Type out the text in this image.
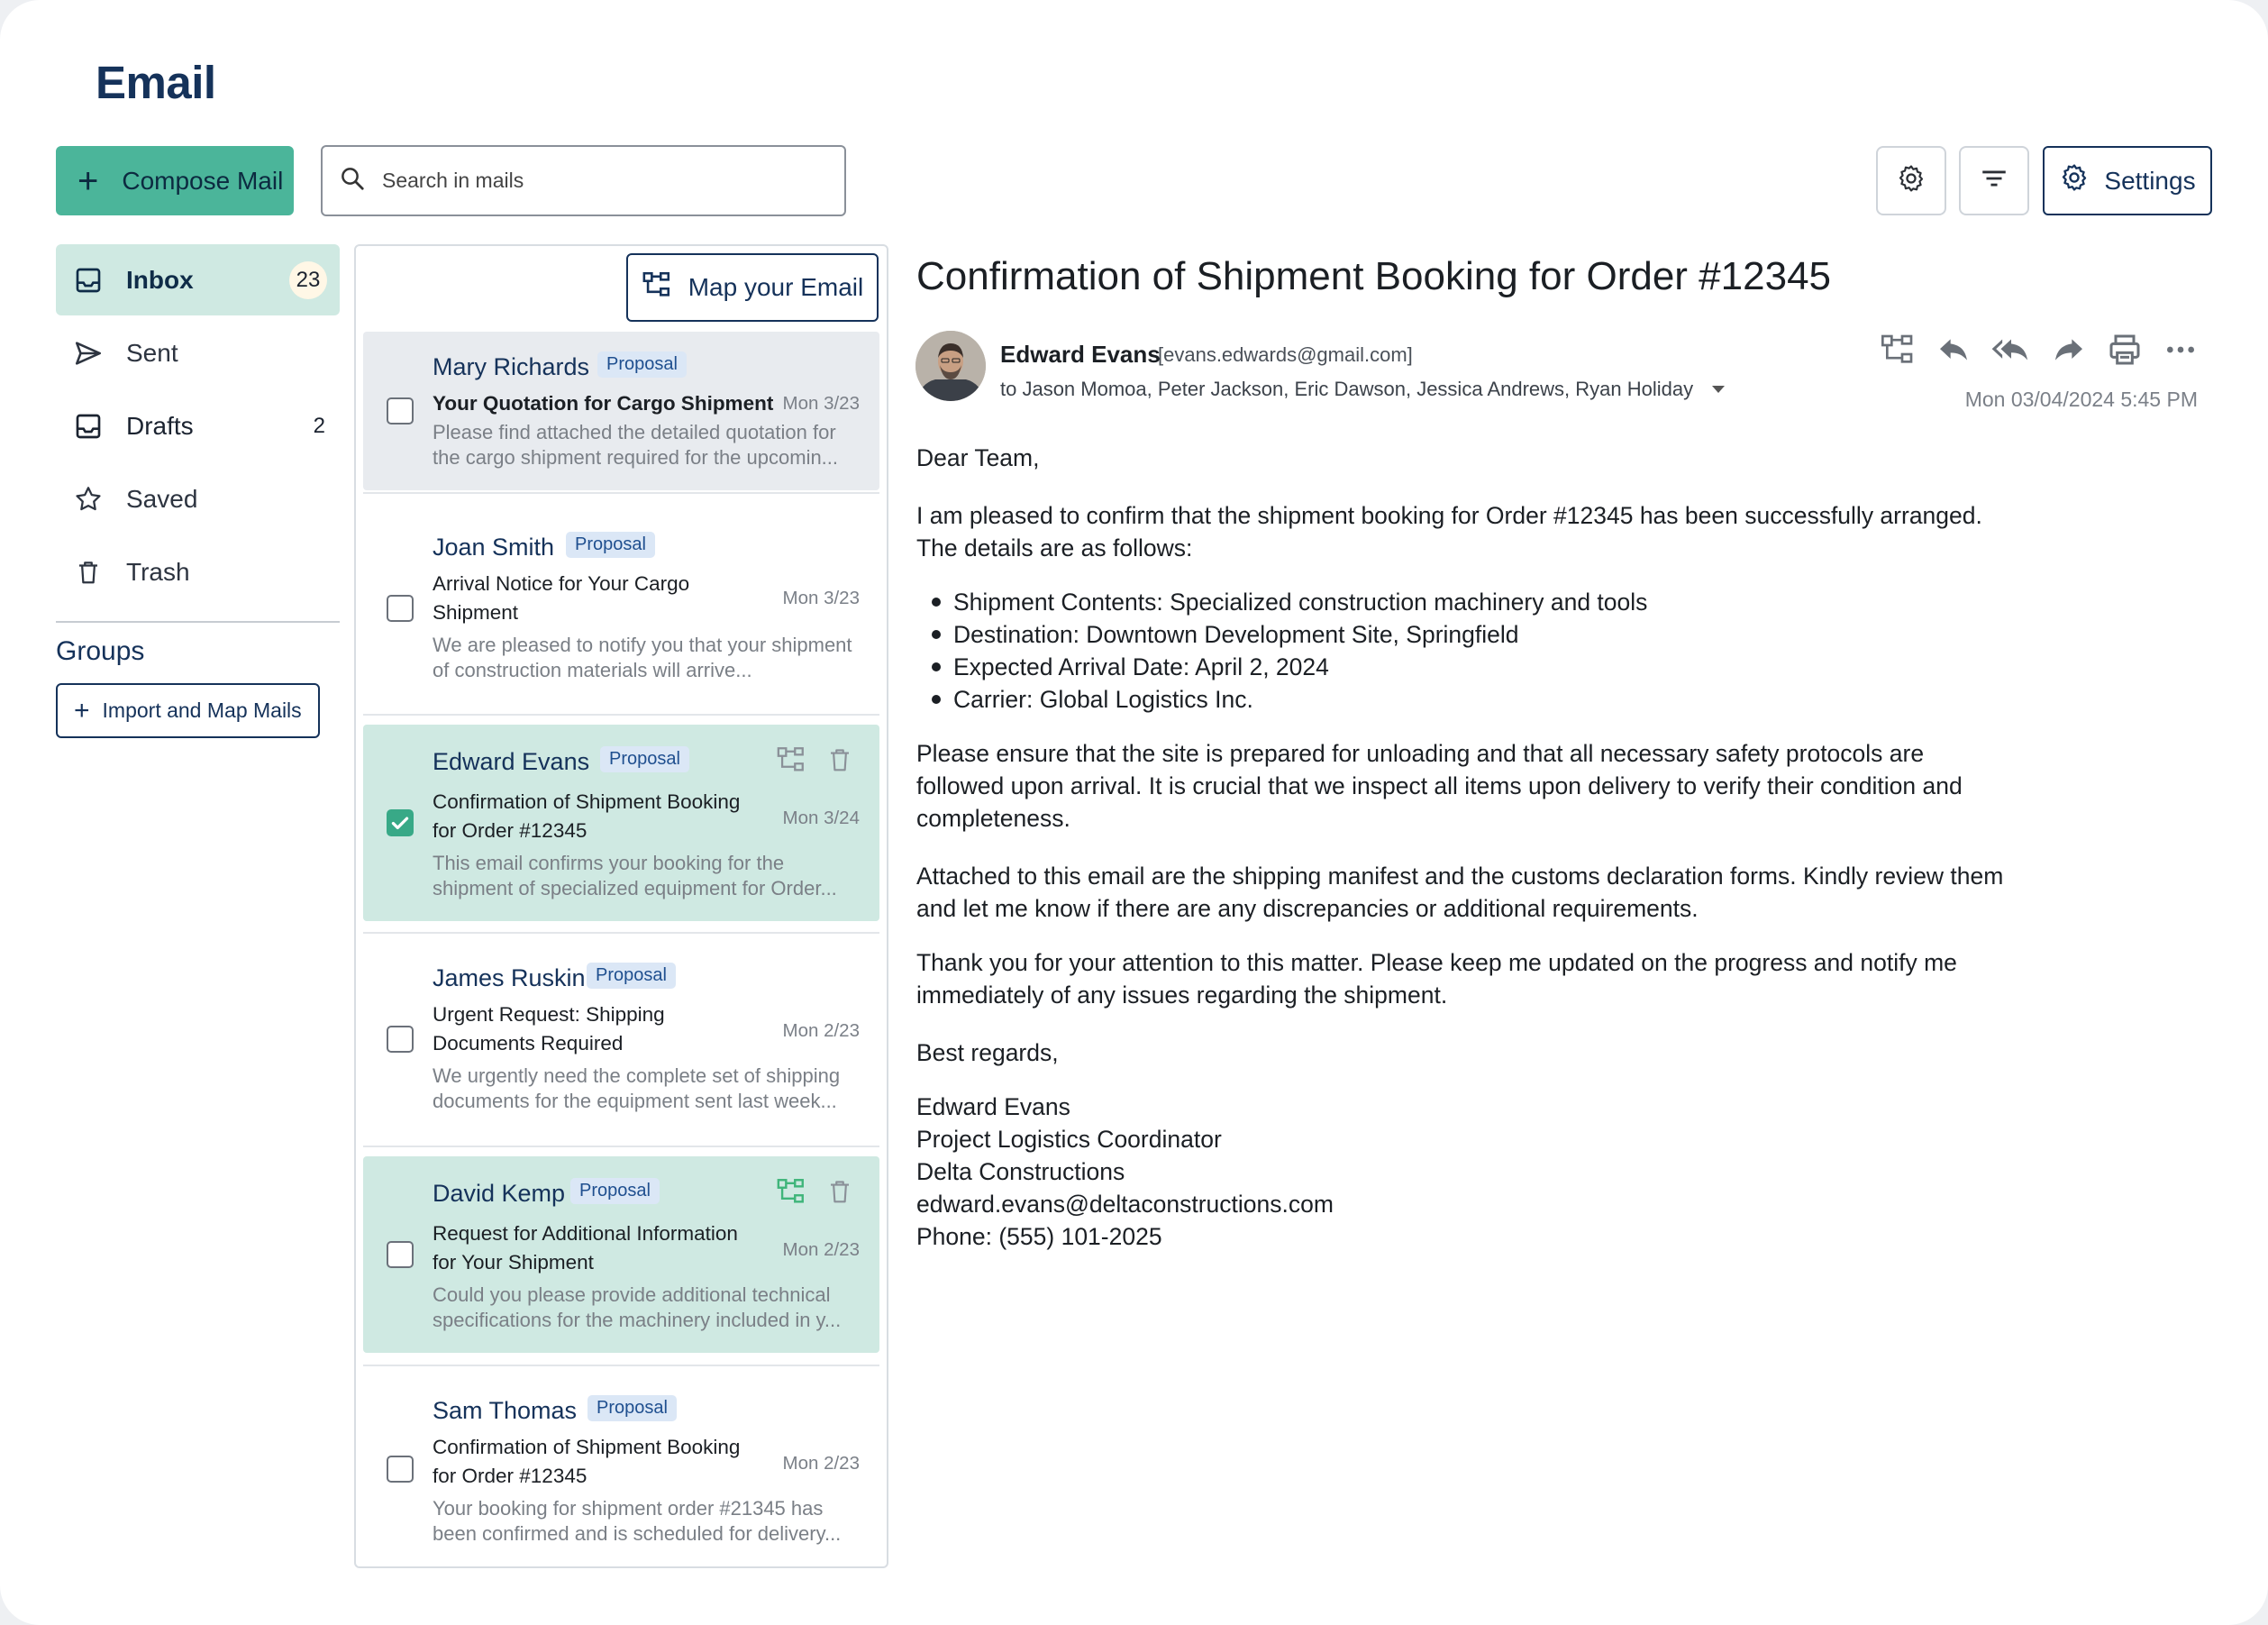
Email
+ Compose Mail
Search in mails	Settings
Inbox	23
Sent
Drafts	2
Saved
Trash
Groups
+ Import and Map Mails
Map your Email
Mary Richards Proposal
Your Quotation for Cargo Shipment Mon 3/23
Please find attached the detailed quotation for the cargo shipment required for the upcomin...
Joan Smith	Proposal
Arrival Notice for Your Cargo Shipment
Mon 3/23
We are pleased to notify you that your shipment of construction materials will arrive...
Edward Evans	Proposal
Confirmation of Shipment Booking for Order #12345
Mon 3/24
This email confirms your booking for the shipment of specialized equipment for Order...
James Ruskin Proposal
Urgent Request: Shipping Documents Required
Mon 2/23
We urgently need the complete set of shipping documents for the equipment sent last week...
David Kemp Proposal
Request for Additional Information for Your Shipment
Mon 2/23
Could you please provide additional technical specifications for the machinery included in y...
Sam Thomas	Proposal
Confirmation of Shipment Booking for Order #12345
Mon 2/23
Your booking for shipment order #21345 has been confirmed and is scheduled for delivery...
Confirmation of Shipment Booking for Order #12345
Edward Evans
[evans.edwards@gmail.com]
to Jason Momoa, Peter Jackson, Eric Dawson, Jessica Andrews, Ryan Holiday	Mon 03/04/2024 5:45 PM

Dear Team,

I am pleased to confirm that the shipment booking for Order #12345 has been successfully arranged. The details are as follows:

Shipment Contents: Specialized construction machinery and tools
Destination: Downtown Development Site, Springfield
Expected Arrival Date: April 2, 2024
Carrier: Global Logistics Inc.

Please ensure that the site is prepared for unloading and that all necessary safety protocols are followed upon arrival. It is crucial that we inspect all items upon delivery to verify their condition and completeness.

Attached to this email are the shipping manifest and the customs declaration forms. Kindly review them and let me know if there are any discrepancies or additional requirements.

Thank you for your attention to this matter. Please keep me updated on the progress and notify me immediately of any issues regarding the shipment.

Best regards,

Edward Evans

Project Logistics Coordinator

Delta Constructions

edward.evans@deltaconstructions.com

Phone: (555) 101-2025
